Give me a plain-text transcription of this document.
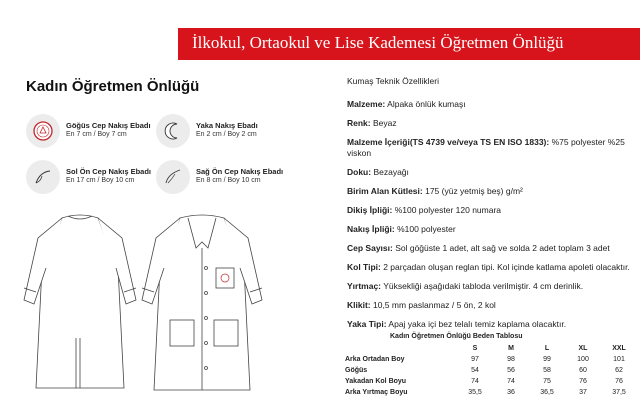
İlkokul, Ortaokul ve Lise Kademesi Öğretmen Önlüğü
Kadın Öğretmen Önlüğü
Göğüs Cep Nakış Ebadı
En 7 cm / Boy 7 cm
Yaka Nakış Ebadı
En 2 cm / Boy 2 cm
Sol Ön Cep Nakış Ebadı
En 17 cm / Boy 10 cm
Sağ Ön Cep Nakış Ebadı
En 8 cm / Boy 10 cm
Kumaş Teknik Özellikleri
Malzeme: Alpaka önlük kumaşı
Renk: Beyaz
Malzeme İçeriği(TS 4739 ve/veya TS EN ISO 1833): %75 polyester %25 viskon
Doku: Bezayağı
Birim Alan Kütlesi: 175 (yüz yetmiş beş) g/m²
Dikiş İpliği: %100 polyester 120 numara
Nakış İpliği: %100 polyester
Cep Sayısı: Sol göğüste 1 adet, alt sağ ve solda 2 adet toplam 3 adet
Kol Tipi: 2 parçadan oluşan reglan tipi. Kol içinde katlama apoleti olacaktır.
Yırtmaç: Yüksekliği aşağıdaki tabloda verilmiştir. 4 cm derinlik.
Klikit: 10,5 mm paslanmaz / 5 ön, 2 kol
Yaka Tipi: Apaj yaka içi bez telalı temiz kaplama olacaktır.
Kadın Öğretmen Önlüğü Beden Tablosu
	S	M	L	XL	XXL
Arka Ortadan Boy	97	98	99	100	101
Göğüs	54	56	58	60	62
Yakadan Kol Boyu	74	74	75	76	76
Arka Yırtmaç Boyu	35,5	36	36,5	37	37,5
